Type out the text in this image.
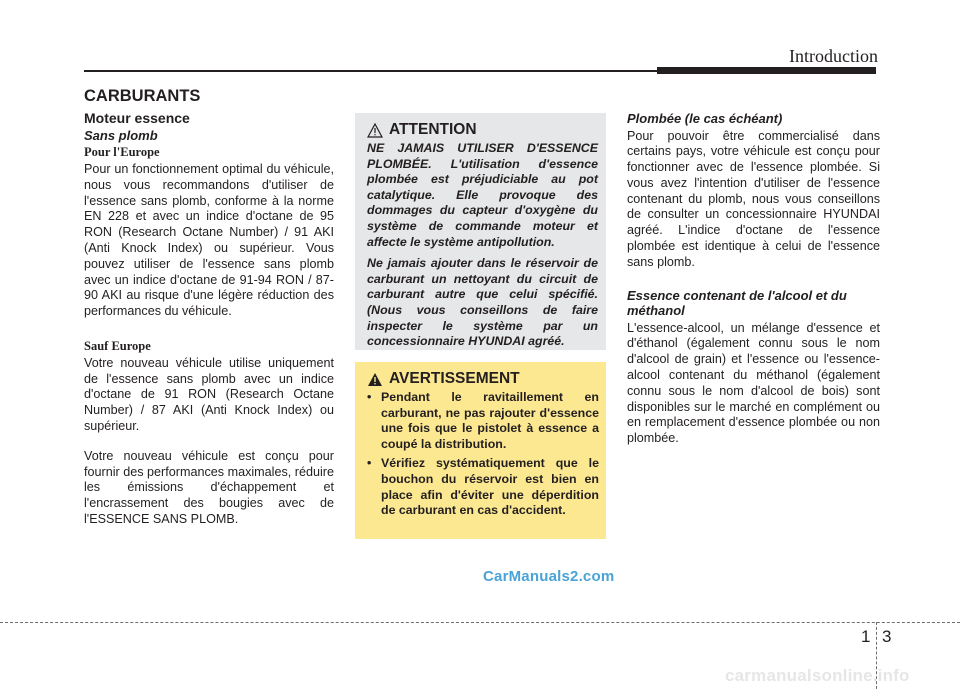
Introduction
CARBURANTS
Moteur essence
Sans plomb
Pour l'Europe

Pour un fonctionnement optimal du véhicule, nous vous recommandons d'utiliser de l'essence sans plomb, conforme à la norme EN 228 et avec un indice d'octane de 95 RON (Research Octane Number) / 91 AKI (Anti Knock Index) ou supérieur. Vous pouvez utiliser de l'essence sans plomb avec un indice d'octane de 91-94 RON / 87-90 AKI au risque d'une légère réduction des performances du véhicule.

Sauf Europe

Votre nouveau véhicule utilise uniquement de l'essence sans plomb avec un indice d'octane de 91 RON (Research Octane Number) / 87 AKI (Anti Knock Index) ou supérieur.

Votre nouveau véhicule est conçu pour fournir des performances maximales, réduire les émissions d'échappement et l'encrassement des bougies avec de l'ESSENCE SANS PLOMB.

ATTENTION

NE JAMAIS UTILISER D'ESSENCE PLOMBÉE. L'utilisation d'essence plombée est préjudiciable au pot catalytique. Elle provoque des dommages du capteur d'oxygène du système de commande moteur et affecte le système antipollution.

Ne jamais ajouter dans le réservoir de carburant un nettoyant du circuit de carburant autre que celui spécifié. (Nous vous conseillons de faire inspecter le système par un concessionnaire HYUNDAI agréé.

AVERTISSEMENT
• Pendant le ravitaillement en carburant, ne pas rajouter d'essence une fois que le pistolet à essence a coupé la distribution.
• Vérifiez systématiquement que le bouchon du réservoir est bien en place afin d'éviter une déperdition de carburant en cas d'accident.
Plombée (le cas échéant)

Pour pouvoir être commercialisé dans certains pays, votre véhicule est conçu pour fonctionner avec de l'essence plombée. Si vous avez l'intention d'utiliser de l'essence contenant du plomb, nous vous conseillons de consulter un concessionnaire HYUNDAI agréé. L'indice d'octane de l'essence plombée est identique à celui de l'essence sans plomb.

Essence contenant de l'alcool et du méthanol

L'essence-alcool, un mélange d'essence et d'éthanol (également connu sous le nom d'alcool de grain) et l'essence ou l'essence-alcool contenant du méthanol (également connu sous le nom d'alcool de bois) sont disponibles sur le marché en complément ou en remplacement d'essence plombée ou non plombée.

CarManuals2.com
1 3
carmanualsonline.info
